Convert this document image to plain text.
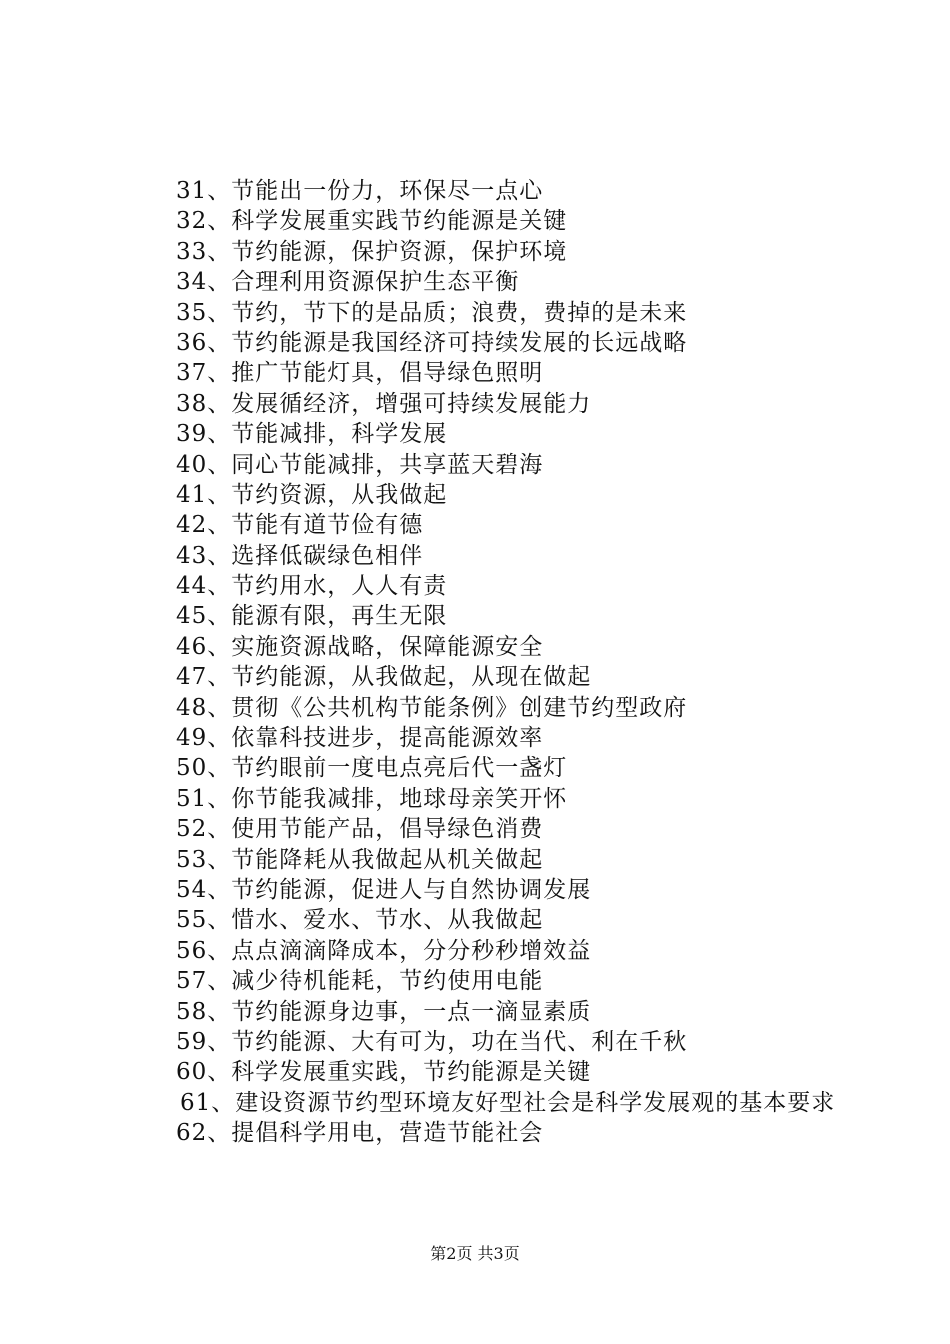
31、节能出一份力，环保尽一点心
32、科学发展重实践节约能源是关键
33、节约能源，保护资源，保护环境
34、合理利用资源保护生态平衡
35、节约，节下的是品质；浪费，费掉的是未来
36、节约能源是我国经济可持续发展的长远战略
37、推广节能灯具，倡导绿色照明
38、发展循经济，增强可持续发展能力
39、节能减排，科学发展
40、同心节能减排，共享蓝天碧海
41、节约资源，从我做起
42、节能有道节俭有德
43、选择低碳绿色相伴
44、节约用水，人人有责
45、能源有限，再生无限
46、实施资源战略，保障能源安全
47、节约能源，从我做起，从现在做起
48、贯彻《公共机构节能条例》创建节约型政府
49、依靠科技进步，提高能源效率
50、节约眼前一度电点亮后代一盏灯
51、你节能我减排，地球母亲笑开怀
52、使用节能产品，倡导绿色消费
53、节能降耗从我做起从机关做起
54、节约能源，促进人与自然协调发展
55、惜水、爱水、节水、从我做起
56、点点滴滴降成本，分分秒秒增效益
57、减少待机能耗，节约使用电能
58、节约能源身边事，一点一滴显素质
59、节约能源、大有可为，功在当代、利在千秋
60、科学发展重实践，节约能源是关键
61、建设资源节约型环境友好型社会是科学发展观的基本要求
62、提倡科学用电，营造节能社会
第2页 共3页
